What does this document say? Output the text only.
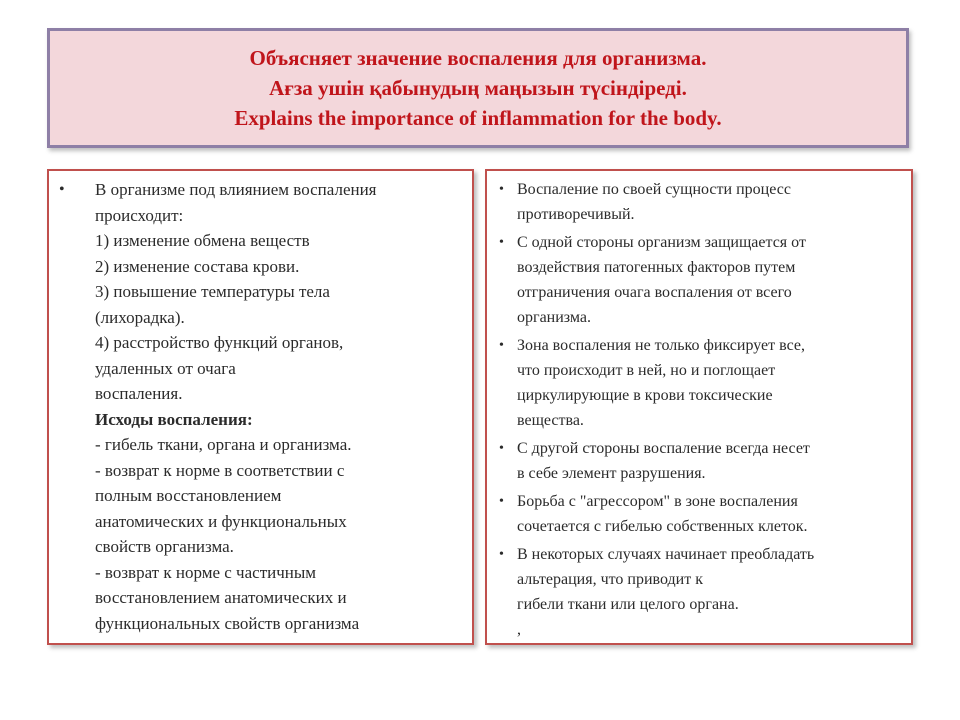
Объясняет значение воспаления для организма.
Ағза ушін қабынудың маңызын түсіндіреді.
Explains the importance of inflammation for the body.
• В организме под влиянием воспаления
происходит:
1) изменение обмена веществ
2) изменение состава крови.
3) повышение температуры тела
(лихорадка).
4) расстройство функций органов,
удаленных от очага
воспаления.
Исходы воспаления:
- гибель ткани, органа и организма.
- возврат к норме в соответствии с
полным восстановлением
анатомических и функциональных
свойств организма.
- возврат к норме с частичным
восстановлением анатомических и
функциональных свойств организма
• Воспаление по своей сущности процесс
противоречивый.
• С одной стороны организм защищается от
воздействия патогенных факторов путем
отграничения очага воспаления от всего
организма.
• Зона воспаления не только фиксирует все,
что происходит в ней, но и поглощает
циркулирующие в крови токсические
вещества.
• С другой стороны воспаление всегда несет
в себе элемент разрушения.
• Борьба с "агрессором" в зоне воспаления
сочетается с гибелью собственных клеток.
• В некоторых случаях начинает преобладать
альтерация, что приводит к
гибели ткани или целого органа.
,
